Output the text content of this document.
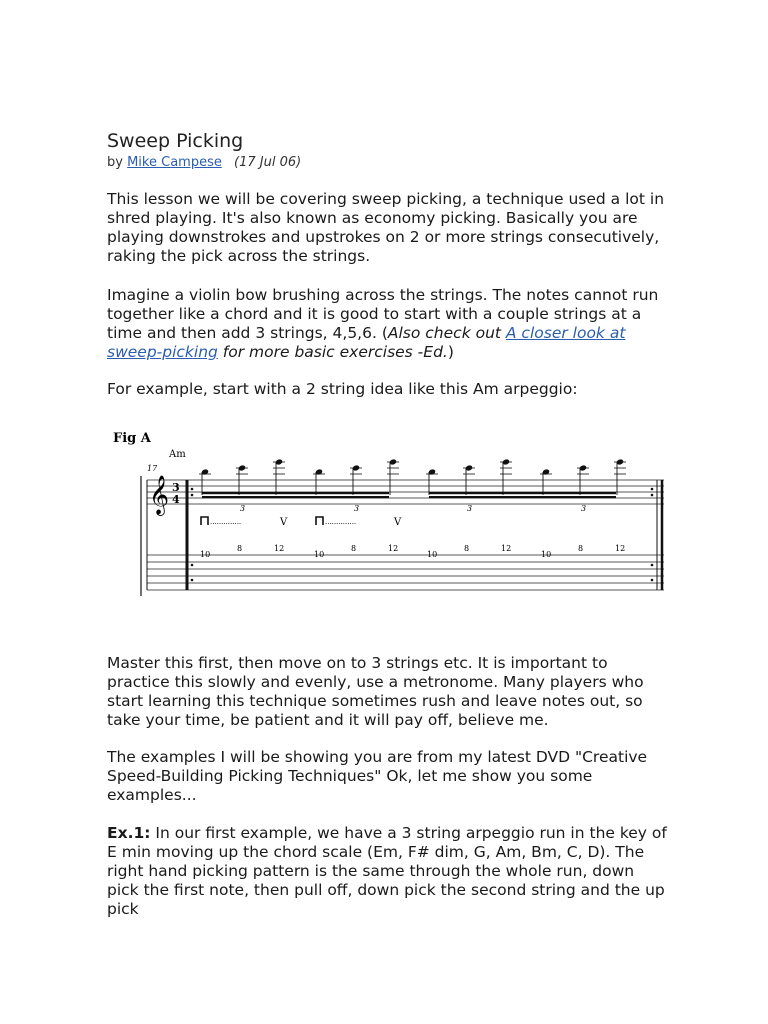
Sweep Picking
by Mike Campese (17 Jul 06)

This lesson we will be covering sweep picking, a technique used a lot in shred playing. It's also known as economy picking. Basically you are playing downstrokes and upstrokes on 2 or more strings consecutively, raking the pick across the strings.

Imagine a violin bow brushing across the strings. The notes cannot run together like a chord and it is good to start with a couple strings at a time and then add 3 strings, 4,5,6. (Also check out A closer look at sweep-picking for more basic exercises -Ed.)

For example, start with a 2 string idea like this Am arpeggio:

Fig A
Am
17
𝄞 3
4
3	3	3	3
10
8	12
10
8	12
10
8	12
10
8	12
..............	V	..............	V

Master this first, then move on to 3 strings etc. It is important to practice this slowly and evenly, use a metronome. Many players who start learning this technique sometimes rush and leave notes out, so take your time, be patient and it will pay off, believe me.

The examples I will be showing you are from my latest DVD "Creative Speed-Building Picking Techniques" Ok, let me show you some examples...

Ex.1: In our first example, we have a 3 string arpeggio run in the key of E min moving up the chord scale (Em, F# dim, G, Am, Bm, C, D). The right hand picking pattern is the same through the whole run, down pick the first note, then pull off, down pick the second string and the up pick
